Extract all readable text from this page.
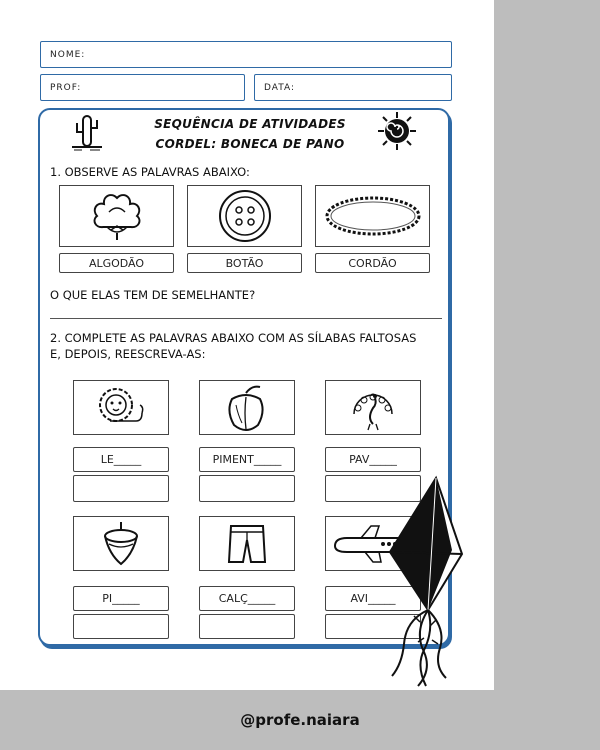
NOME:
PROF:	DATA:
SEQUÊNCIA DE ATIVIDADES
CORDEL: BONECA DE PANO
1. OBSERVE AS PALAVRAS ABAIXO:
ALGODÃO	BOTÃO	CORDÃO
O QUE ELAS TEM DE SEMELHANTE?
2. COMPLETE AS PALAVRAS ABAIXO COM AS SÍLABAS FALTOSAS
E, DEPOIS, REESCREVA-AS:
LE_____	PIMENT_____	PAV_____
PI_____	CALÇ_____	AVI_____
@profe.naiara
